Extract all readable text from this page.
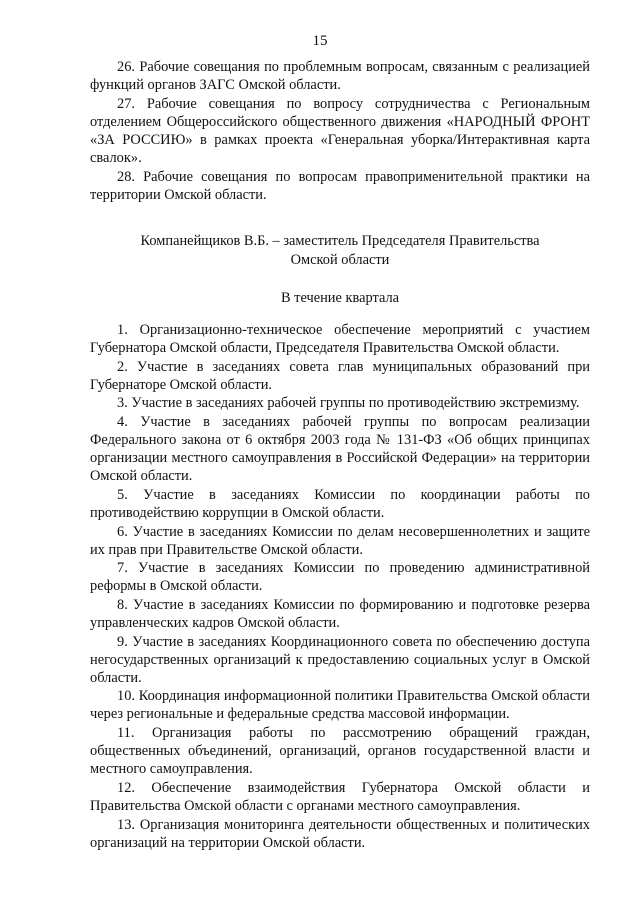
15

26. Рабочие совещания по проблемным вопросам, связанным с реализацией функций органов ЗАГС Омской области.

27. Рабочие совещания по вопросу сотрудничества с Региональным отделением Общероссийского общественного движения «НАРОДНЫЙ ФРОНТ «ЗА РОССИЮ» в рамках проекта «Генеральная уборка/Интерактивная карта свалок».

28. Рабочие совещания по вопросам правоприменительной практики на территории Омской области.

Компанейщиков В.Б. – заместитель Председателя Правительства
Омской области
В течение квартала

1. Организационно-техническое обеспечение мероприятий с участием Губернатора Омской области, Председателя Правительства Омской области.

2. Участие в заседаниях совета глав муниципальных образований при Губернаторе Омской области.

3. Участие в заседаниях рабочей группы по противодействию экстремизму.

4. Участие в заседаниях рабочей группы по вопросам реализации Федерального закона от 6 октября 2003 года № 131-ФЗ «Об общих принципах организации местного самоуправления в Российской Федерации» на территории Омской области.

5. Участие в заседаниях Комиссии по координации работы по противодействию коррупции в Омской области.

6. Участие в заседаниях Комиссии по делам несовершеннолетних и защите их прав при Правительстве Омской области.

7. Участие в заседаниях Комиссии по проведению административной реформы в Омской области.

8. Участие в заседаниях Комиссии по формированию и подготовке резерва управленческих кадров Омской области.

9. Участие в заседаниях Координационного совета по обеспечению доступа негосударственных организаций к предоставлению социальных услуг в Омской области.

10. Координация информационной политики Правительства Омской области через региональные и федеральные средства массовой информации.

11. Организация работы по рассмотрению обращений граждан, общественных объединений, организаций, органов государственной власти и местного самоуправления.

12. Обеспечение взаимодействия Губернатора Омской области и Правительства Омской области с органами местного самоуправления.

13. Организация мониторинга деятельности общественных и политических организаций на территории Омской области.
